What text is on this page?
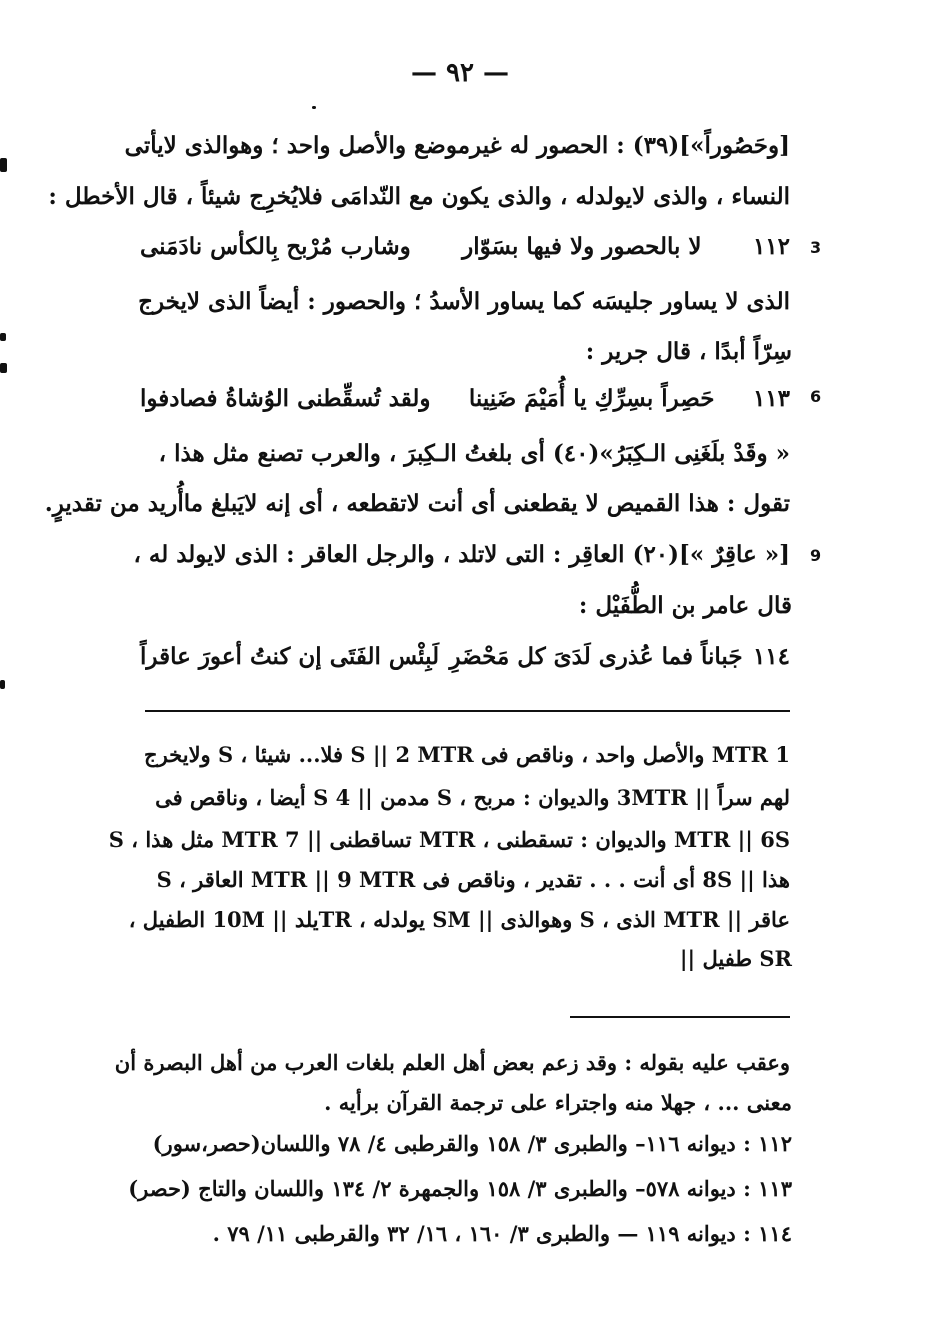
— ٩٢ —
[وحَصُوراً»](٣٩) : الحصور له غيرموضع والأصل واحد ؛ وهوالذى لايأتى
النساء ، والذى لايولدله ، والذى يكون مع النّدامَى فلايُخرِج شيئاً ، قال الأخطل :
وشارب مُرْبح بِالكأس نادَمَنى لا بالحصور ولا فيها بسَوّار ١١٢
الذى لا يساور جليسَه كما يساور الأسدُ ؛ والحصور : أيضاً الذى لايخرج
سِرّاً أبدًا ، قال جرير :
ولقد تُسقِّطنى الوُشاةُ فصادفوا حَصِراً بسِرِّكِ يا أُمَيْمَ ضَنِينا ١١٣
« وقَدْ بلَغَنِى الـكِبَرُ»(٤٠) أى بلغتُ الـكِبرَ ، والعرب تصنع مثل هذا ،
تقول : هذا القميص لا يقطعنى أى أنت لاتقطعه ، أى إنه لايَبلغ ماأُريد من تقديرٍ.
[« عاقِرٌ »](٢٠) العاقِر : التى لاتلد ، والرجل العاقر : الذى لايولد له ،
قال عامر بن الطُّفَيْل :
لَبِئْس الفَتَى إن كنتُ أعورَ عاقراً جَباناً فما عُذرى لَدَىَ كل مَحْضَرِ ١١٤
3
6
9
1 MTR والأصل واحد ، وناقص فى S || 2 MTR فلا... شيئا ، S ولايخرج
لهم سراً || 3MTR والديوان : مربح ، S مدمن || 4 S أيضا ، وناقص فى
MTR || 6S والديوان : تسقطنى ، MTR تساقطنى || 7 MTR مثل هذا ، S
هذا || 8S أى أنت . . . تقدير ، وناقص فى MTR || 9 MTR العاقر ، S
عاقر || MTR الذى ، S وهوالذى || SM يولدله ، TRيلد || 10M الطفيل ،
SR طفيل ||
وعقب عليه بقوله : وقد زعم بعض أهل العلم بلغات العرب من أهل البصرة أن
معنى ... ، جهلا منه واجتراء على ترجمة القرآن برأيه .
١١٢ : ديوانه ١١٦– والطبرى ٣/ ١٥٨ والقرطبى ٤/ ٧٨ واللسان(حصر،سور)
١١٣ : ديوانه ٥٧٨– والطبرى ٣/ ١٥٨ والجمهرة ٢/ ١٣٤ واللسان والتاج (حصر)
١١٤ : ديوانه ١١٩ — والطبرى ٣/ ١٦٠ ، ١٦/ ٣٢ والقرطبى ١١/ ٧٩ .
